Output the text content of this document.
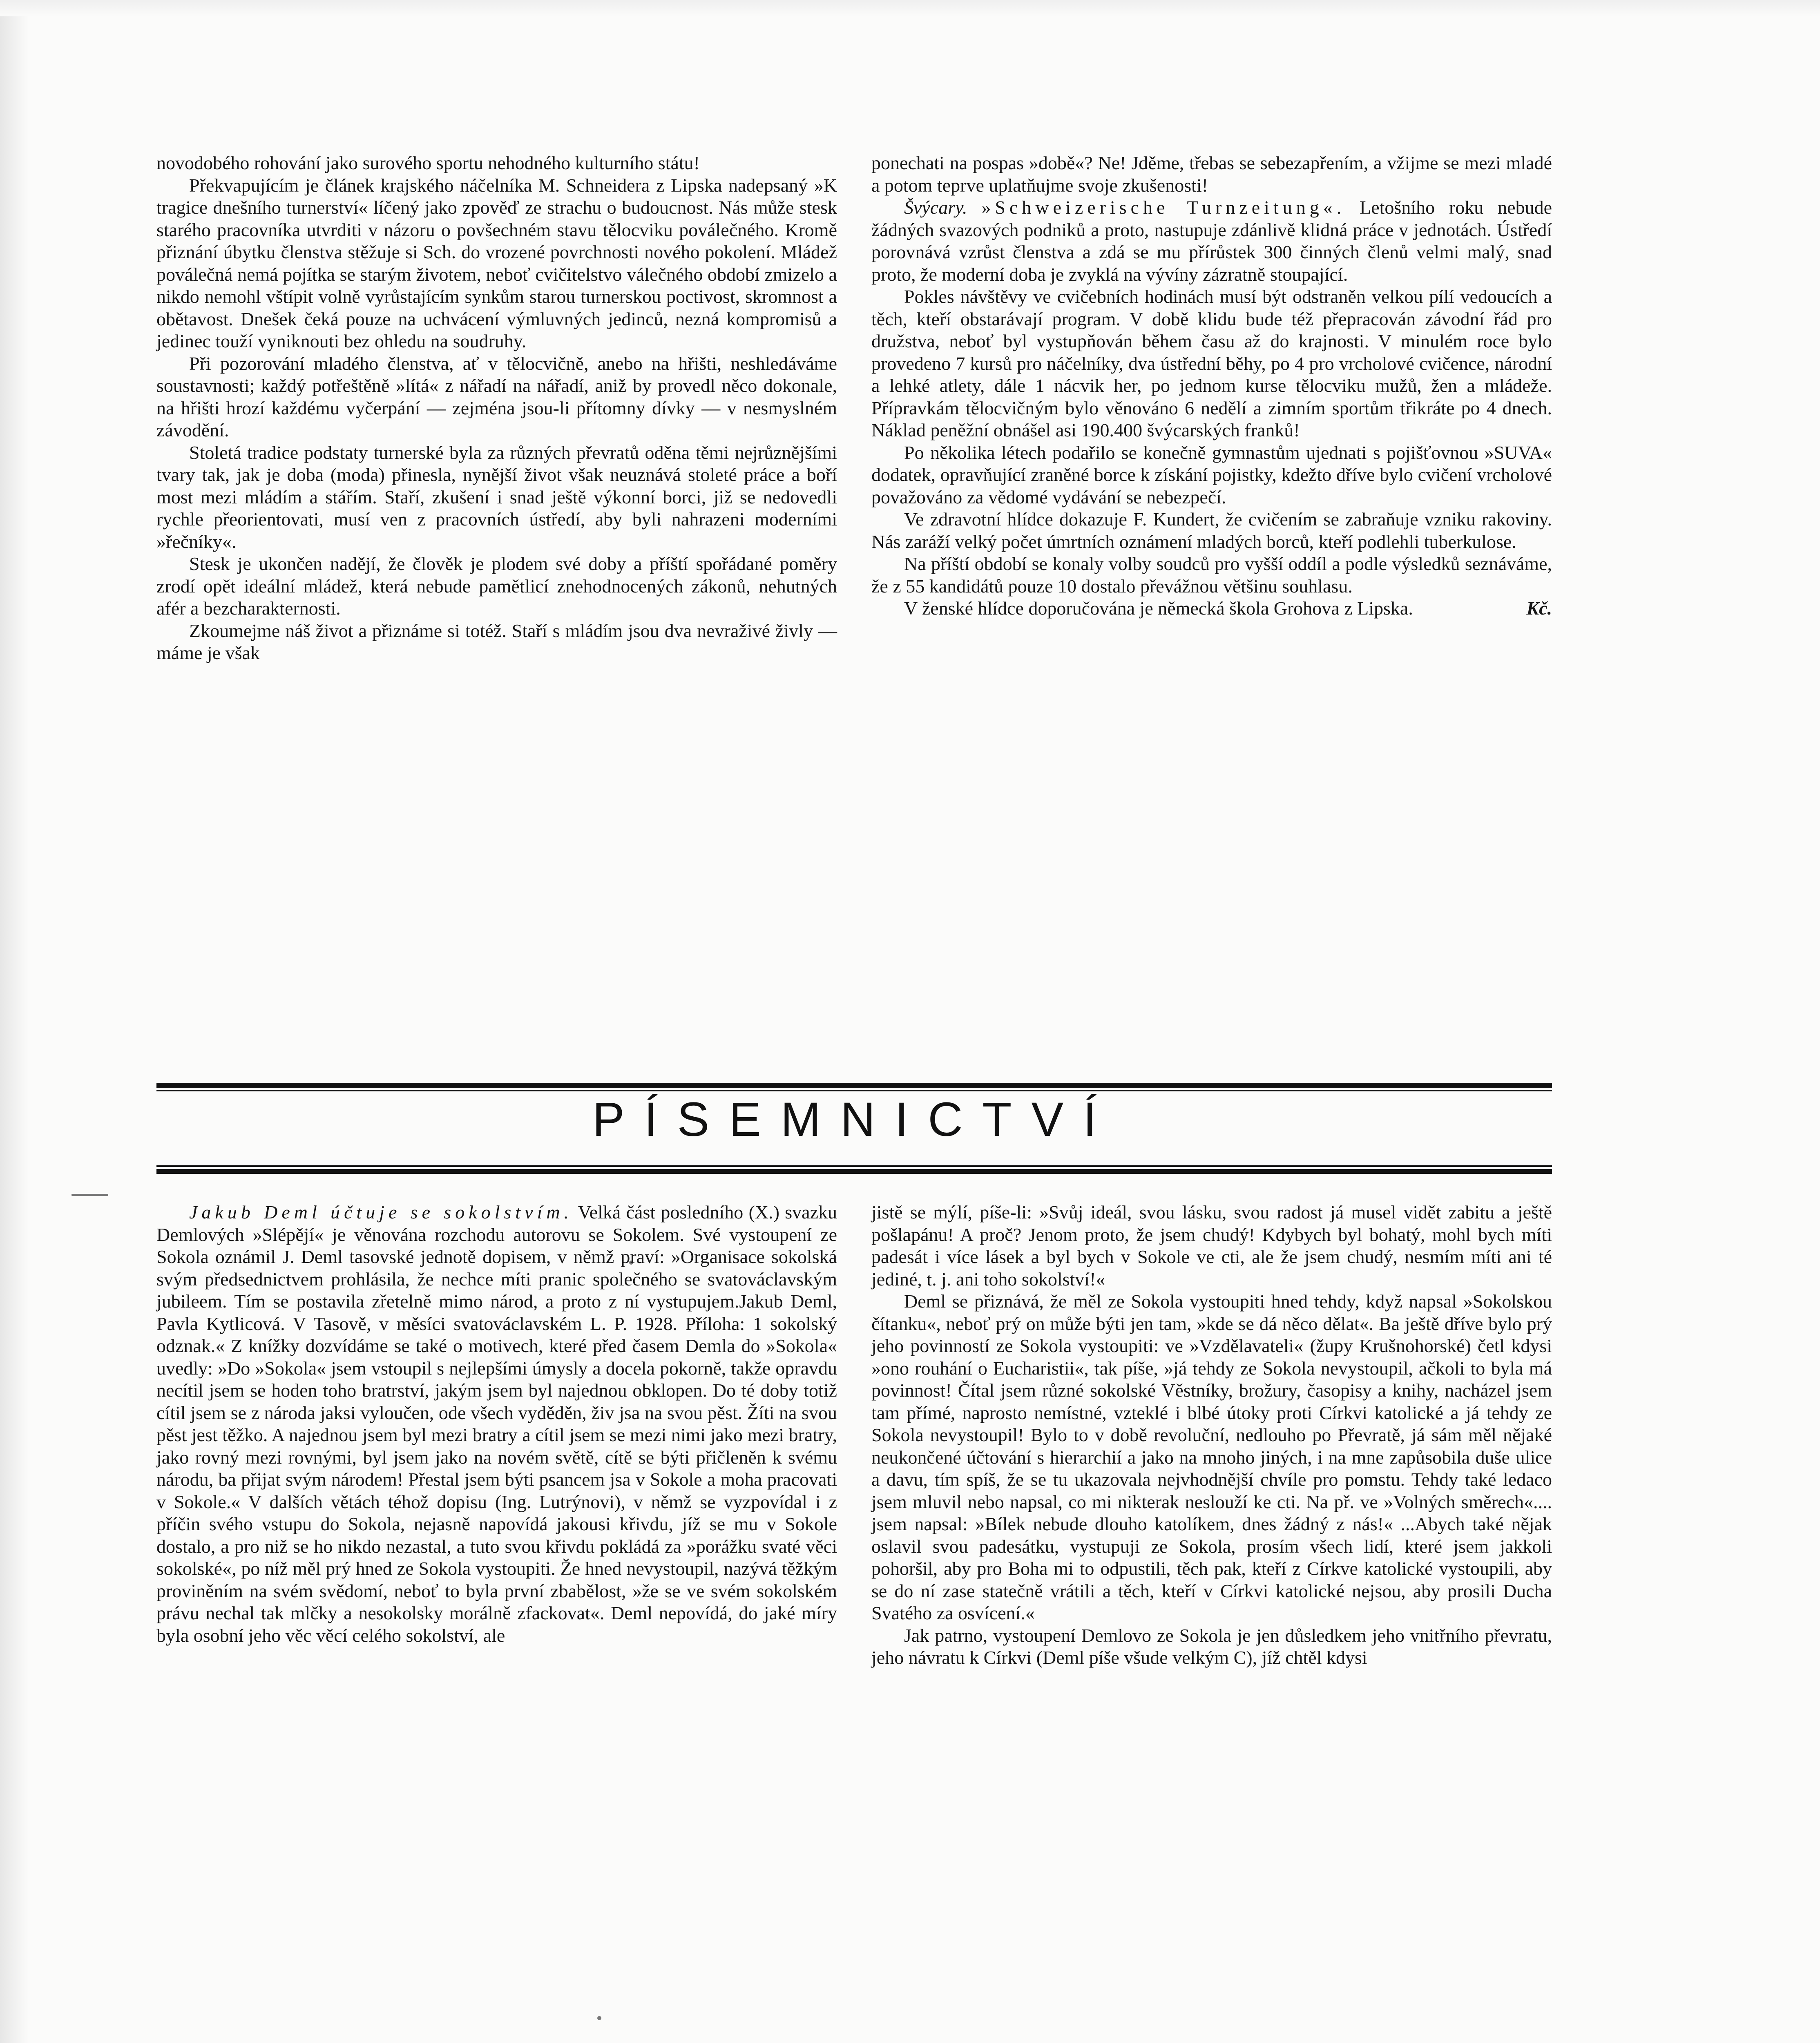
novodobého rohování jako surového sportu nehodného kulturního státu!

Překvapujícím je článek krajského náčelníka M. Schneidera z Lipska nadepsaný »K tragice dnešního turnerství« líčený jako zpověď ze strachu o budoucnost. Nás může stesk starého pracovníka utvrditi v názoru o povšechném stavu tělocviku poválečného. Kromě přiznání úbytku členstva stěžuje si Sch. do vrozené povrchnosti nového pokolení. Mládež poválečná nemá pojítka se starým životem, neboť cvičitelstvo válečného období zmizelo a nikdo nemohl vštípit volně vyrůstajícím synkům starou turnerskou poctivost, skromnost a obětavost. Dnešek čeká pouze na uchvácení výmluvných jedinců, nezná kompromisů a jedinec touží vyniknouti bez ohledu na soudruhy.

Při pozorování mladého členstva, ať v tělocvičně, anebo na hřišti, neshledáváme soustavnosti; každý potřeštěně »lítá« z nářadí na nářadí, aniž by provedl něco dokonale, na hřišti hrozí každému vyčerpání — zejména jsou-li přítomny dívky — v nesmyslném závodění.

Stoletá tradice podstaty turnerské byla za různých převratů oděna těmi nejrůznějšími tvary tak, jak je doba (moda) přinesla, nynější život však neuznává stoleté práce a boří most mezi mládím a stářím. Staří, zkušení i snad ještě výkonní borci, již se nedovedli rychle přeorientovati, musí ven z pracovních ústředí, aby byli nahrazeni moderními »řečníky«.

Stesk je ukončen nadějí, že člověk je plodem své doby a příští spořádané poměry zrodí opět ideální mládež, která nebude pamětlicí znehodnocených zákonů, nehutných afér a bezcharakternosti.

Zkoumejme náš život a přiznáme si totéž. Staří s mládím jsou dva nevraživé živly — máme je však

ponechati na pospas »době«? Ne! Jděme, třebas se sebezapřením, a vžijme se mezi mladé a potom teprve uplatňujme svoje zkušenosti!

Švýcary. »Schweizerische Turnzeitung«. Letošního roku nebude žádných svazových podniků a proto, nastupuje zdánlivě klidná práce v jednotách. Ústředí porovnává vzrůst členstva a zdá se mu přírůstek 300 činných členů velmi malý, snad proto, že moderní doba je zvyklá na vývíny zázratně stoupající.

Pokles návštěvy ve cvičebních hodinách musí být odstraněn velkou pílí vedoucích a těch, kteří obstarávají program. V době klidu bude též přepracován závodní řád pro družstva, neboť byl vystupňován během času až do krajnosti. V minulém roce bylo provedeno 7 kursů pro náčelníky, dva ústřední běhy, po 4 pro vrcholové cvičence, národní a lehké atlety, dále 1 nácvik her, po jednom kurse tělocviku mužů, žen a mládeže. Přípravkám tělocvičným bylo věnováno 6 nedělí a zimním sportům třikráte po 4 dnech. Náklad peněžní obnášel asi 190.400 švýcarských franků!

Po několika létech podařilo se konečně gymnastům ujednati s pojišťovnou »SUVA« dodatek, opravňující zraněné borce k získání pojistky, kdežto dříve bylo cvičení vrcholové považováno za vědomé vydávání se nebezpečí.

Ve zdravotní hlídce dokazuje F. Kundert, že cvičením se zabraňuje vzniku rakoviny. Nás zaráží velký počet úmrtních oznámení mladých borců, kteří podlehli tuberkulose.

Na příští období se konaly volby soudců pro vyšší oddíl a podle výsledků seznáváme, že z 55 kandidátů pouze 10 dostalo převážnou většinu souhlasu.

V ženské hlídce doporučována je německá škola Grohova z Lipska.	Kč.

PÍSEMNICTVÍ

Jakub Deml účtuje se sokolstvím. Velká část posledního (X.) svazku Demlových »Slépějí« je věnována rozchodu autorovu se Sokolem. Své vystoupení ze Sokola oznámil J. Deml tasovské jednotě dopisem, v němž praví: »Organisace sokolská svým předsednictvem prohlásila, že nechce míti pranic společného se svatováclavským jubileem. Tím se postavila zřetelně mimo národ, a proto z ní vystupujem.Jakub Deml, Pavla Kytlicová. V Tasově, v měsíci svatováclavském L. P. 1928. Příloha: 1 sokolský odznak.« Z knížky dozvídáme se také o motivech, které před časem Demla do »Sokola« uvedly: »Do »Sokola« jsem vstoupil s nejlepšími úmysly a docela pokorně, takže opravdu necítil jsem se hoden toho bratrství, jakým jsem byl najednou obklopen. Do té doby totiž cítil jsem se z národa jaksi vyloučen, ode všech vyděděn, živ jsa na svou pěst. Žíti na svou pěst jest těžko. A najednou jsem byl mezi bratry a cítil jsem se mezi nimi jako mezi bratry, jako rovný mezi rovnými, byl jsem jako na novém světě, cítě se býti přičleněn k svému národu, ba přijat svým národem! Přestal jsem býti psancem jsa v Sokole a moha pracovati v Sokole.« V dalších větách téhož dopisu (Ing. Lutrýnovi), v němž se vyzpovídal i z příčin svého vstupu do Sokola, nejasně napovídá jakousi křivdu, jíž se mu v Sokole dostalo, a pro niž se ho nikdo nezastal, a tuto svou křivdu pokládá za »porážku svaté věci sokolské«, po níž měl prý hned ze Sokola vystoupiti. Že hned nevystoupil, nazývá těžkým proviněním na svém svědomí, neboť to byla první zbabělost, »že se ve svém sokolském právu nechal tak mlčky a nesokolsky morálně zfackovat«. Deml nepovídá, do jaké míry byla osobní jeho věc věcí celého sokolství, ale

jistě se mýlí, píše-li: »Svůj ideál, svou lásku, svou radost já musel vidět zabitu a ještě pošlapánu! A proč? Jenom proto, že jsem chudý! Kdybych byl bohatý, mohl bych míti padesát i více lásek a byl bych v Sokole ve cti, ale že jsem chudý, nesmím míti ani té jediné, t. j. ani toho sokolství!«

Deml se přiznává, že měl ze Sokola vystoupiti hned tehdy, když napsal »Sokolskou čítanku«, neboť prý on může býti jen tam, »kde se dá něco dělat«. Ba ještě dříve bylo prý jeho povinností ze Sokola vystoupiti: ve »Vzdělavateli« (župy Krušnohorské) četl kdysi »ono rouhání o Eucharistii«, tak píše, »já tehdy ze Sokola nevystoupil, ačkoli to byla má povinnost! Čítal jsem různé sokolské Věstníky, brožury, časopisy a knihy, nacházel jsem tam přímé, naprosto nemístné, vzteklé i blbé útoky proti Církvi katolické a já tehdy ze Sokola nevystoupil! Bylo to v době revoluční, nedlouho po Převratě, já sám měl nějaké neukončené účtování s hierarchií a jako na mnoho jiných, i na mne zapůsobila duše ulice a davu, tím spíš, že se tu ukazovala nejvhodnější chvíle pro pomstu. Tehdy také ledaco jsem mluvil nebo napsal, co mi nikterak neslouží ke cti. Na př. ve »Volných směrech«.... jsem napsal: »Bílek nebude dlouho katolíkem, dnes žádný z nás!« ...Abych také nějak oslavil svou padesátku, vystupuji ze Sokola, prosím všech lidí, které jsem jakkoli pohoršil, aby pro Boha mi to odpustili, těch pak, kteří z Církve katolické vystoupili, aby se do ní zase statečně vrátili a těch, kteří v Církvi katolické nejsou, aby prosili Ducha Svatého za osvícení.«

Jak patrno, vystoupení Demlovo ze Sokola je jen důsledkem jeho vnitřního převratu, jeho návratu k Církvi (Deml píše všude velkým C), jíž chtěl kdysi
